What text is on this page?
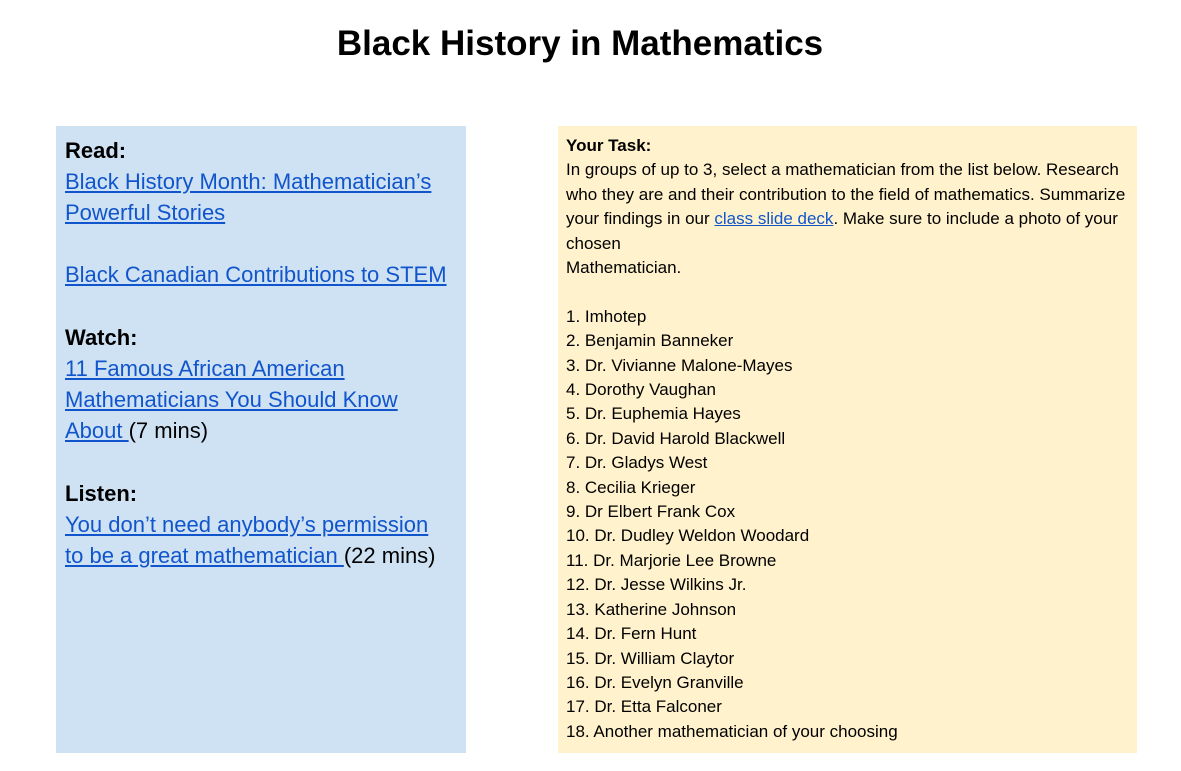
Black History in Mathematics
Read:
Black History Month: Mathematician’s
Powerful Stories
Black Canadian Contributions to STEM
Watch:
11 Famous African American
Mathematicians You Should Know
About (7 mins)
Listen:
You don’t need anybody’s permission
to be a great mathematician (22 mins)
Your Task:
In groups of up to 3, select a mathematician from the list below. Research who they are and their contribution to the field of mathematics. Summarize your findings in our class slide deck. Make sure to include a photo of your chosen
Mathematician.
1. Imhotep
2. Benjamin Banneker
3. Dr. Vivianne Malone-Mayes
4. Dorothy Vaughan
5. Dr. Euphemia Hayes
6. Dr. David Harold Blackwell
7. Dr. Gladys West
8. Cecilia Krieger
9. Dr Elbert Frank Cox
10. Dr. Dudley Weldon Woodard
11. Dr. Marjorie Lee Browne
12. Dr. Jesse Wilkins Jr.
13. Katherine Johnson
14. Dr. Fern Hunt
15. Dr. William Claytor
16. Dr. Evelyn Granville
17. Dr. Etta Falconer
18. Another mathematician of your choosing
